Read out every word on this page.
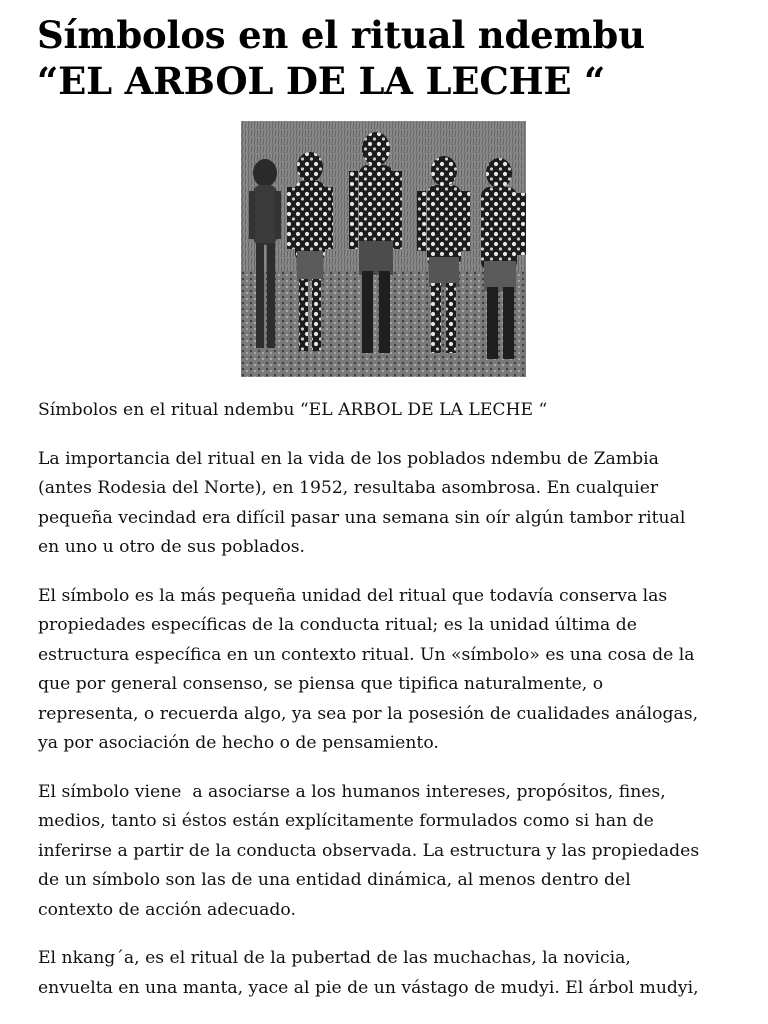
Símbolos en el ritual ndembu
“EL ARBOL DE LA LECHE “

Símbolos en el ritual ndembu “EL ARBOL DE LA LECHE “

La importancia del ritual en la vida de los poblados ndembu de Zambia
(antes Rodesia del Norte), en 1952, resultaba asombrosa. En cualquier
pequeña vecindad era difícil pasar una semana sin oír algún tambor ritual
en uno u otro de sus poblados.

El símbolo es la más pequeña unidad del ritual que todavía conserva las
propiedades específicas de la conducta ritual; es la unidad última de
estructura específica en un contexto ritual. Un «símbolo» es una cosa de la
que por general consenso, se piensa que tipifica naturalmente, o
representa, o recuerda algo, ya sea por la posesión de cualidades análogas,
ya por asociación de hecho o de pensamiento.

El símbolo viene  a asociarse a los humanos intereses, propósitos, fines,
medios, tanto si éstos están explícitamente formulados como si han de
inferirse a partir de la conducta observada. La estructura y las propiedades
de un símbolo son las de una entidad dinámica, al menos dentro del
contexto de acción adecuado.

El nkang´a, es el ritual de la pubertad de las muchachas, la novicia,
envuelta en una manta, yace al pie de un vástago de mudyi. El árbol mudyi,
